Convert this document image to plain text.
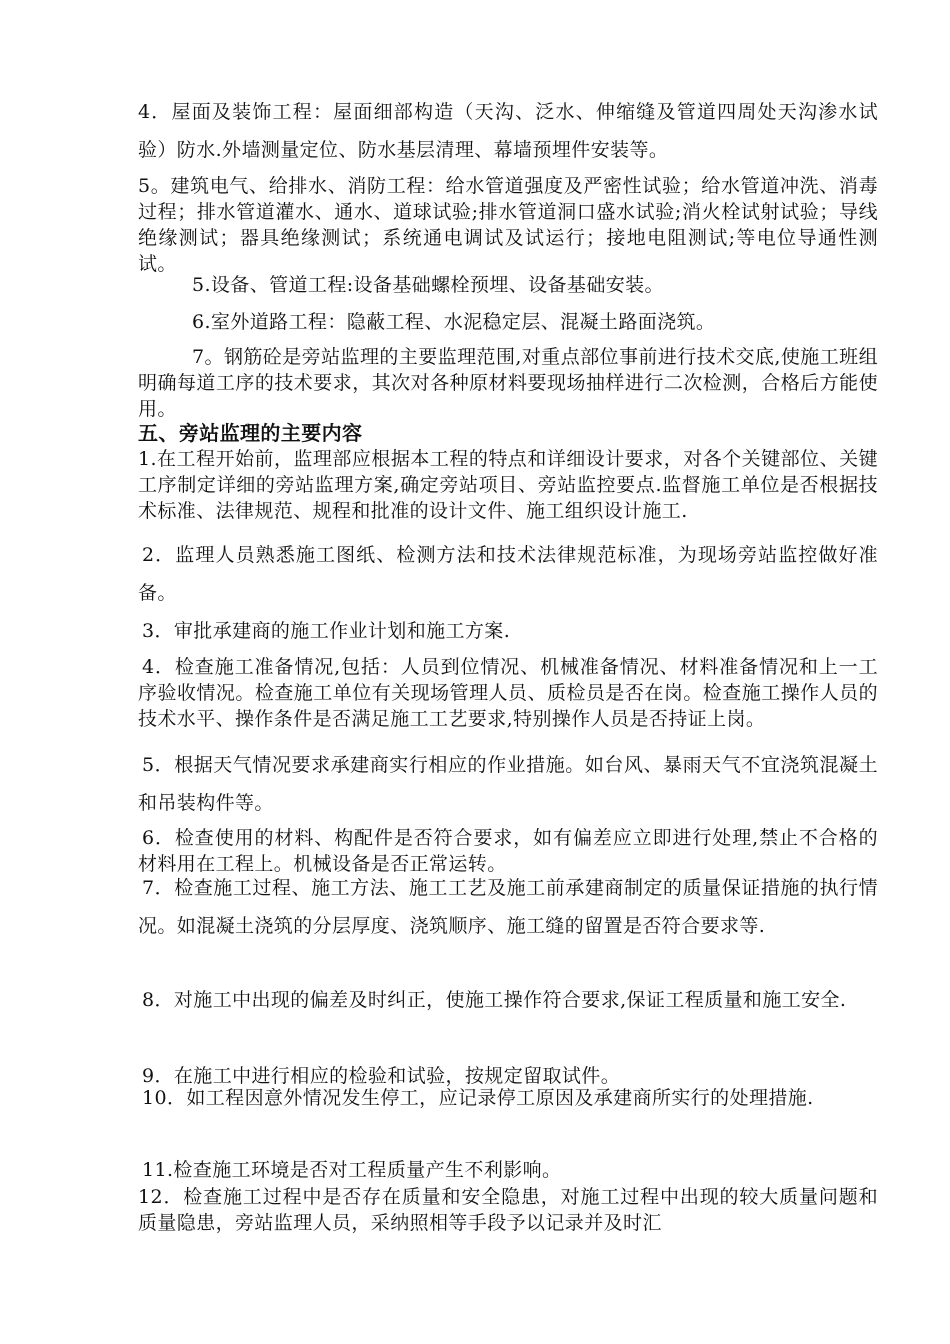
4．屋面及装饰工程：屋面细部构造（天沟、泛水、伸缩缝及管道四周处天沟渗水试验）防水.外墙测量定位、防水基层清理、幕墙预埋件安装等。

5。建筑电气、给排水、消防工程：给水管道强度及严密性试验；给水管道冲洗、消毒过程；排水管道灌水、通水、道球试验;排水管道洞口盛水试验;消火栓试射试验；导线绝缘测试；器具绝缘测试；系统通电调试及试运行；接地电阻测试;等电位导通性测试。

5.设备、管道工程:设备基础螺栓预埋、设备基础安装。

6.室外道路工程：隐蔽工程、水泥稳定层、混凝土路面浇筑。

7。钢筋砼是旁站监理的主要监理范围,对重点部位事前进行技术交底,使施工班组明确每道工序的技术要求，其次对各种原材料要现场抽样进行二次检测，合格后方能使用。

五、旁站监理的主要内容

1.在工程开始前，监理部应根据本工程的特点和详细设计要求，对各个关键部位、关键工序制定详细的旁站监理方案,确定旁站项目、旁站监控要点.监督施工单位是否根据技术标准、法律规范、规程和批准的设计文件、施工组织设计施工.

2．监理人员熟悉施工图纸、检测方法和技术法律规范标准，为现场旁站监控做好准备。

3．审批承建商的施工作业计划和施工方案.

4．检查施工准备情况,包括：人员到位情况、机械准备情况、材料准备情况和上一工序验收情况。检查施工单位有关现场管理人员、质检员是否在岗。检查施工操作人员的技术水平、操作条件是否满足施工工艺要求,特别操作人员是否持证上岗。

5．根据天气情况要求承建商实行相应的作业措施。如台风、暴雨天气不宜浇筑混凝土和吊装构件等。

6．检查使用的材料、构配件是否符合要求，如有偏差应立即进行处理,禁止不合格的材料用在工程上。机械设备是否正常运转。

7．检查施工过程、施工方法、施工工艺及施工前承建商制定的质量保证措施的执行情况。如混凝土浇筑的分层厚度、浇筑顺序、施工缝的留置是否符合要求等.

8．对施工中出现的偏差及时纠正，使施工操作符合要求,保证工程质量和施工安全.

9．在施工中进行相应的检验和试验，按规定留取试件。

10．如工程因意外情况发生停工，应记录停工原因及承建商所实行的处理措施.

11.检查施工环境是否对工程质量产生不利影响。

12．检查施工过程中是否存在质量和安全隐患，对施工过程中出现的较大质量问题和质量隐患，旁站监理人员，采纳照相等手段予以记录并及时汇
